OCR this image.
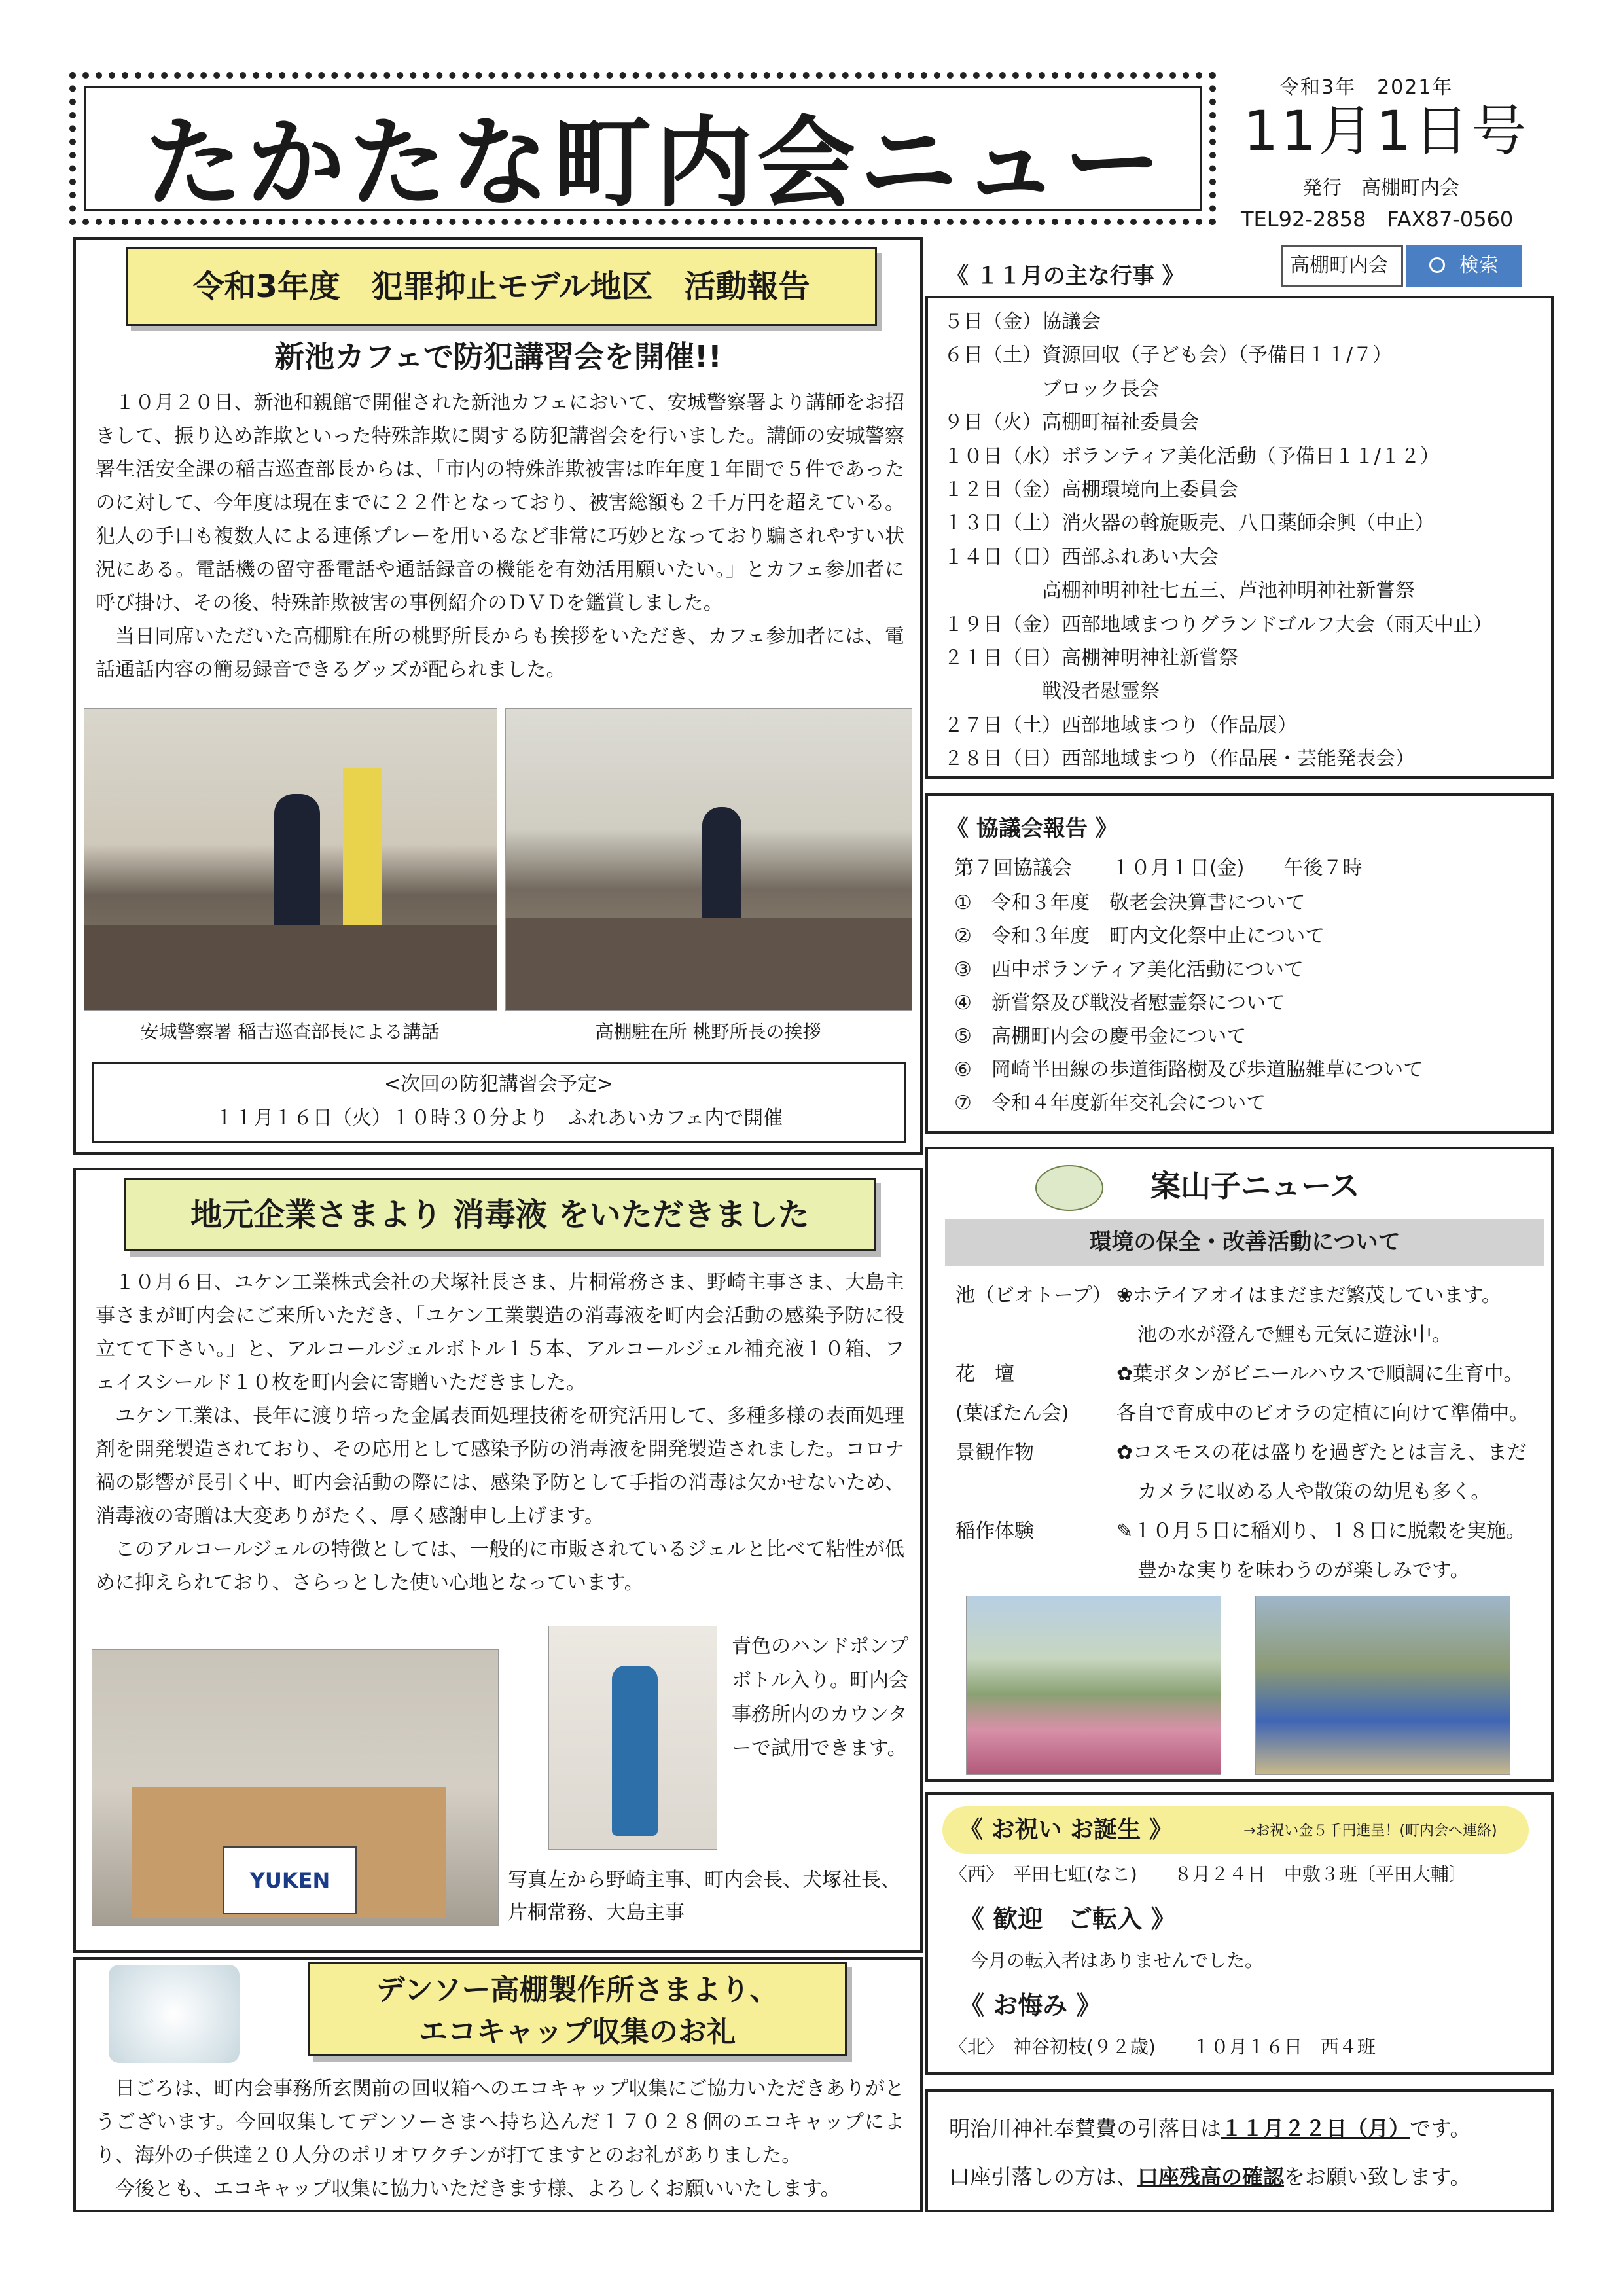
たかたな町内会ニュー
令和3年　2021年
11月1日号
発行　高棚町内会
TEL92-2858　FAX87-0560
高棚町内会	検索
令和3年度　犯罪抑止モデル地区　活動報告
新池カフェで防犯講習会を開催!!

１０月２０日、新池和親館で開催された新池カフェにおいて、安城警察署より講師をお招きして、振り込め詐欺といった特殊詐欺に関する防犯講習会を行いました。講師の安城警察署生活安全課の稲吉巡査部長からは、「市内の特殊詐欺被害は昨年度１年間で５件であったのに対して、今年度は現在までに２２件となっており、被害総額も２千万円を超えている。犯人の手口も複数人による連係プレーを用いるなど非常に巧妙となっており騙されやすい状況にある。電話機の留守番電話や通話録音の機能を有効活用願いたい。」とカフェ参加者に呼び掛け、その後、特殊詐欺被害の事例紹介のＤＶＤを鑑賞しました。

当日同席いただいた高棚駐在所の桃野所長からも挨拶をいただき、カフェ参加者には、電話通話内容の簡易録音できるグッズが配られました。

安城警察署 稲吉巡査部長による講話	高棚駐在所 桃野所長の挨拶
<次回の防犯講習会予定>
１１月１６日（火）１０時３０分より　ふれあいカフェ内で開催
《 １１月の主な行事 》
５日（金）協議会
６日（土）資源回収（子ども会）（予備日１１/７）
　　　　　ブロック長会
９日（火）高棚町福祉委員会
１０日（水）ボランティア美化活動（予備日１１/１２）
１２日（金）高棚環境向上委員会
１３日（土）消火器の斡旋販売、八日薬師余興（中止）
１４日（日）西部ふれあい大会
　　　　　高棚神明神社七五三、芦池神明神社新嘗祭
１９日（金）西部地域まつりグランドゴルフ大会（雨天中止）
２１日（日）高棚神明神社新嘗祭
　　　　　戦没者慰霊祭
２７日（土）西部地域まつり（作品展）
２８日（日）西部地域まつり（作品展・芸能発表会）
《 協議会報告 》
第７回協議会　　１０月１日(金)　　午後７時
①　令和３年度　敬老会決算書について
②　令和３年度　町内文化祭中止について
③　西中ボランティア美化活動について
④　新嘗祭及び戦没者慰霊祭について
⑤　高棚町内会の慶弔金について
⑥　岡崎半田線の歩道街路樹及び歩道脇雑草について
⑦　令和４年度新年交礼会について
地元企業さまより 消毒液 をいただきました

１０月６日、ユケン工業株式会社の犬塚社長さま、片桐常務さま、野崎主事さま、大島主事さまが町内会にご来所いただき、「ユケン工業製造の消毒液を町内会活動の感染予防に役立てて下さい。」と、アルコールジェルボトル１５本、アルコールジェル補充液１０箱、フェイスシールド１０枚を町内会に寄贈いただきました。

ユケン工業は、長年に渡り培った金属表面処理技術を研究活用して、多種多様の表面処理剤を開発製造されており、その応用として感染予防の消毒液を開発製造されました。コロナ禍の影響が長引く中、町内会活動の際には、感染予防として手指の消毒は欠かせないため、消毒液の寄贈は大変ありがたく、厚く感謝申し上げます。

このアルコールジェルの特徴としては、一般的に市販されているジェルと比べて粘性が低めに抑えられており、さらっとした使い心地となっています。

YUKEN
青色のハンドポンプボトル入り。町内会事務所内のカウンターで試用できます。
写真左から野崎主事、町内会長、犬塚社長、片桐常務、大島主事
案山子ニュース
環境の保全・改善活動について
池（ビオトープ） ❀ホテイアオイはまだまだ繁茂しています。
池の水が澄んで鯉も元気に遊泳中。
花　壇	✿葉ボタンがビニールハウスで順調に生育中。
(葉ぼたん会)	各自で育成中のビオラの定植に向けて準備中。
景観作物	✿コスモスの花は盛りを過ぎたとは言え、まだ
カメラに収める人や散策の幼児も多く。
稲作体験	✎１０月５日に稲刈り、１８日に脱穀を実施。
豊かな実りを味わうのが楽しみです。
デンソー高棚製作所さまより、
エコキャップ収集のお礼

日ごろは、町内会事務所玄関前の回収箱へのエコキャップ収集にご協力いただきありがとうございます。今回収集してデンソーさまへ持ち込んだ１７０２８個のエコキャップにより、海外の子供達２０人分のポリオワクチンが打てますとのお礼がありました。

今後とも、エコキャップ収集に協力いただきます様、よろしくお願いいたします。

《 お祝い お誕生 》	→お祝い金５千円進呈！(町内会へ連絡)
〈西〉　平田七虹(なこ)　　８月２４日　中敷３班〔平田大輔〕
《 歓迎　ご転入 》
今月の転入者はありませんでした。
《 お悔み 》
〈北〉　神谷初枝(９２歳)　　１０月１６日　西４班
明治川神社奉賛費の引落日は１１月２２日（月）です。
口座引落しの方は、口座残高の確認をお願い致します。
